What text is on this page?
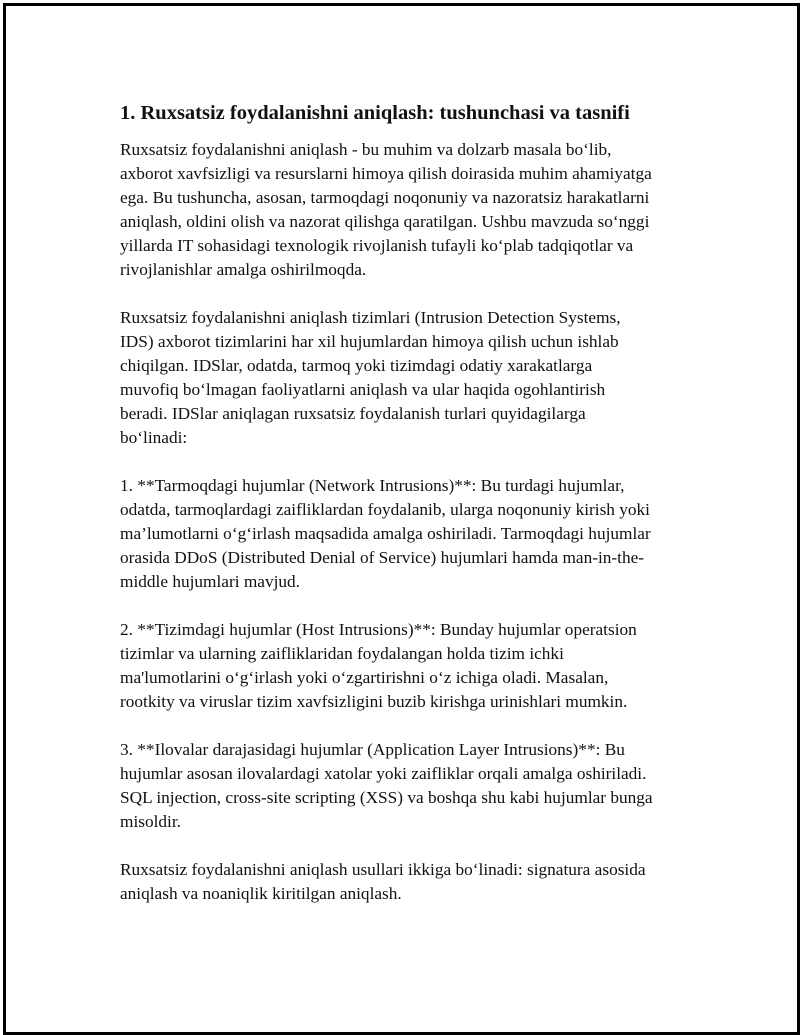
1. Ruxsatsiz foydalanishni aniqlash: tushunchasi va tasnifi

Ruxsatsiz foydalanishni aniqlash - bu muhim va dolzarb masala bo‘lib,
axborot xavfsizligi va resurslarni himoya qilish doirasida muhim ahamiyatga
ega. Bu tushuncha, asosan, tarmoqdagi noqonuniy va nazoratsiz harakatlarni
aniqlash, oldini olish va nazorat qilishga qaratilgan. Ushbu mavzuda so‘nggi
yillarda IT sohasidagi texnologik rivojlanish tufayli ko‘plab tadqiqotlar va
rivojlanishlar amalga oshirilmoqda.

Ruxsatsiz foydalanishni aniqlash tizimlari (Intrusion Detection Systems,
IDS) axborot tizimlarini har xil hujumlardan himoya qilish uchun ishlab
chiqilgan. IDSlar, odatda, tarmoq yoki tizimdagi odatiy xarakatlarga
muvofiq bo‘lmagan faoliyatlarni aniqlash va ular haqida ogohlantirish
beradi. IDSlar aniqlagan ruxsatsiz foydalanish turlari quyidagilarga
bo‘linadi:

1. **Tarmoqdagi hujumlar (Network Intrusions)**: Bu turdagi hujumlar,
odatda, tarmoqlardagi zaifliklardan foydalanib, ularga noqonuniy kirish yoki
ma’lumotlarni o‘g‘irlash maqsadida amalga oshiriladi. Tarmoqdagi hujumlar
orasida DDoS (Distributed Denial of Service) hujumlari hamda man-in-the-
middle hujumlari mavjud.

2. **Tizimdagi hujumlar (Host Intrusions)**: Bunday hujumlar operatsion
tizimlar va ularning zaifliklaridan foydalangan holda tizim ichki
ma'lumotlarini o‘g‘irlash yoki o‘zgartirishni o‘z ichiga oladi. Masalan,
rootkity va viruslar tizim xavfsizligini buzib kirishga urinishlari mumkin.

3. **Ilovalar darajasidagi hujumlar (Application Layer Intrusions)**: Bu
hujumlar asosan ilovalardagi xatolar yoki zaifliklar orqali amalga oshiriladi.
SQL injection, cross-site scripting (XSS) va boshqa shu kabi hujumlar bunga
misoldir.

Ruxsatsiz foydalanishni aniqlash usullari ikkiga bo‘linadi: signatura asosida
aniqlash va noaniqlik kiritilgan aniqlash.
